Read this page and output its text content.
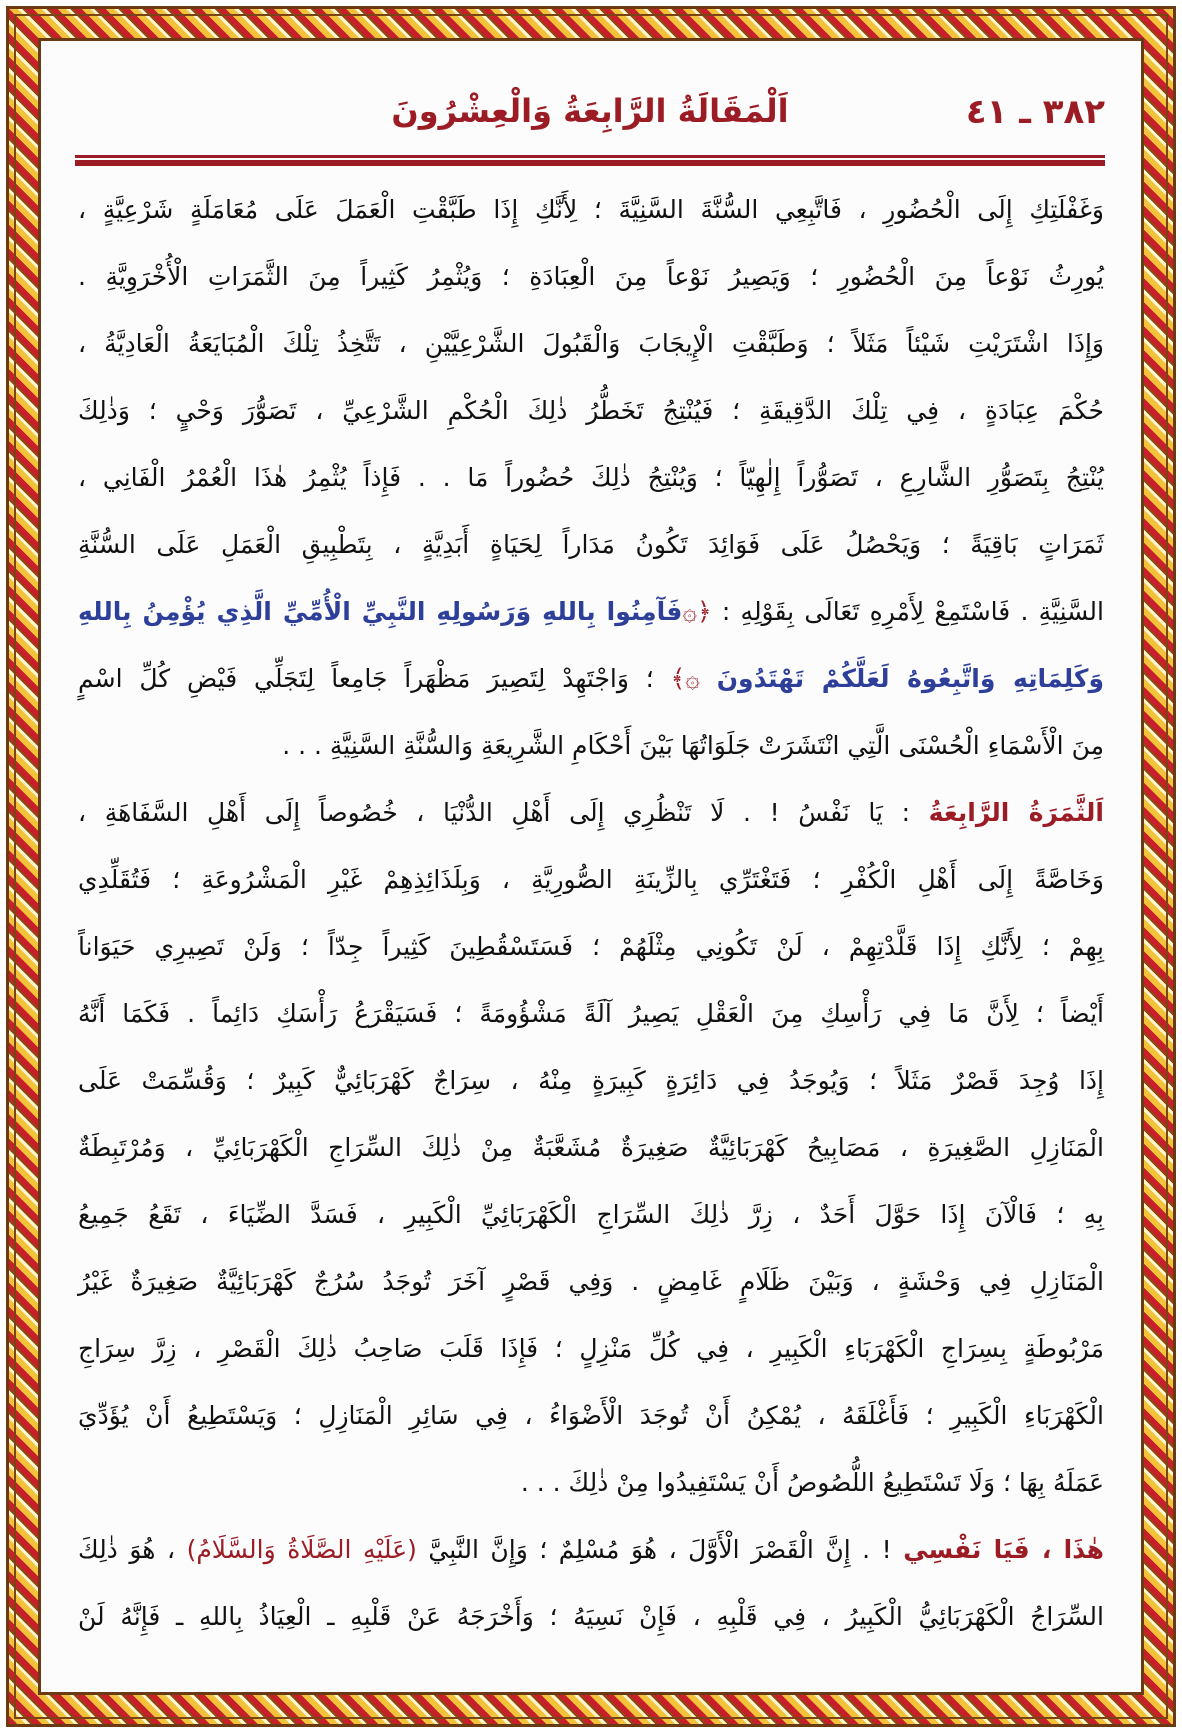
٣٨٢ ـ ٤١
اَلْمَقَالَةُ الرَّابِعَةُ وَالْعِشْرُونَ
وَغَفْلَتِكِ إِلَى الْحُضُورِ ، فَاتَّبِعِي السُّنَّةَ السَّنِيَّةَ ؛ لِأَنَّكِ إِذَا طَبَّقْتِ الْعَمَلَ عَلَى مُعَامَلَةٍ شَرْعِيَّةٍ ،
يُورِثُ نَوْعاً مِنَ الْحُضُورِ ؛ وَيَصِيرُ نَوْعاً مِنَ الْعِبَادَةِ ؛ وَيُثْمِرُ كَثِيراً مِنَ الثَّمَرَاتِ الْأُخْرَوِيَّةِ .
وَإِذَا اشْتَرَيْتِ شَيْئاً مَثَلاً ؛ وَطَبَّقْتِ الْإِيجَابَ وَالْقَبُولَ الشَّرْعِيَّيْنِ ، تَتَّخِذُ تِلْكَ الْمُبَايَعَةُ الْعَادِيَّةُ ،
حُكْمَ عِبَادَةٍ ، فِي تِلْكَ الدَّقِيقَةِ ؛ فَيُنْتِجُ تَخَطُّرُ ذٰلِكَ الْحُكْمِ الشَّرْعِيِّ ، تَصَوُّرَ وَحْيٍ ؛ وَذٰلِكَ
يُنْتِجُ بِتَصَوُّرِ الشَّارِعِ ، تَصَوُّراً إِلٰهِيّاً ؛ وَيُنْتِجُ ذٰلِكَ حُضُوراً مَا . . فَإِذاً يُثْمِرُ هٰذَا الْعُمْرُ الْفَانِي ،
ثَمَرَاتٍ بَاقِيَةً ؛ وَيَحْصُلُ عَلَى فَوَائِدَ تَكُونُ مَدَاراً لِحَيَاةٍ أَبَدِيَّةٍ ، بِتَطْبِيقِ الْعَمَلِ عَلَى السُّنَّةِ
السَّنِيَّةِ . فَاسْتَمِعْ لِأَمْرِهِ تَعَالَى بِقَوْلِهِ : ﴿۞فَآمِنُوا بِاللهِ وَرَسُولِهِ النَّبِيِّ الْأُمِّيِّ الَّذِي يُؤْمِنُ بِاللهِ
وَكَلِمَاتِهِ وَاتَّبِعُوهُ لَعَلَّكُمْ تَهْتَدُونَ ۞﴾ ؛ وَاجْتَهِدْ لِتَصِيرَ مَظْهَراً جَامِعاً لِتَجَلِّي فَيْضِ كُلِّ اسْمٍ
مِنَ الْأَسْمَاءِ الْحُسْنَى الَّتِي انْتَشَرَتْ جَلَوَاتُهَا بَيْنَ أَحْكَامِ الشَّرِيعَةِ وَالسُّنَّةِ السَّنِيَّةِ . . .
اَلثَّمَرَةُ الرَّابِعَةُ : يَا نَفْسُ ! . لَا تَنْظُرِي إِلَى أَهْلِ الدُّنْيَا ، خُصُوصاً إِلَى أَهْلِ السَّفَاهَةِ ،
وَخَاصَّةً إِلَى أَهْلِ الْكُفْرِ ؛ فَتَغْتَرِّي بِالزِّينَةِ الصُّورِيَّةِ ، وَبِلَذَائِذِهِمْ غَيْرِ الْمَشْرُوعَةِ ؛ فَتُقَلِّدِي
بِهِمْ ؛ لِأَنَّكِ إِذَا قَلَّدْتِهِمْ ، لَنْ تَكُونِي مِثْلَهُمْ ؛ فَسَتَسْقُطِينَ كَثِيراً جِدّاً ؛ وَلَنْ تَصِيرِي حَيَوَاناً
أَيْضاً ؛ لِأَنَّ مَا فِي رَأْسِكِ مِنَ الْعَقْلِ يَصِيرُ آلَةً مَشْؤُومَةً ؛ فَسَيَقْرَعُ رَأْسَكِ دَائِماً . فَكَمَا أَنَّهُ
إِذَا وُجِدَ قَصْرٌ مَثَلاً ؛ وَيُوجَدُ فِي دَائِرَةٍ كَبِيرَةٍ مِنْهُ ، سِرَاجٌ كَهْرَبَائِيٌّ كَبِيرٌ ؛ وَقُسِّمَتْ عَلَى
الْمَنَازِلِ الصَّغِيرَةِ ، مَصَابِيحُ كَهْرَبَائِيَّةٌ صَغِيرَةٌ مُشَعَّبَةٌ مِنْ ذٰلِكَ السِّرَاجِ الْكَهْرَبَائِيِّ ، وَمُرْتَبِطَةٌ
بِهِ ؛ فَالْآنَ إِذَا حَوَّلَ أَحَدٌ ، زِرَّ ذٰلِكَ السِّرَاجِ الْكَهْرَبَائِيِّ الْكَبِيرِ ، فَسَدَّ الضِّيَاءَ ، تَقَعُ جَمِيعُ
الْمَنَازِلِ فِي وَحْشَةٍ ، وَبَيْنَ ظَلَامٍ غَامِضٍ . وَفِي قَصْرٍ آخَرَ تُوجَدُ سُرُجٌ كَهْرَبَائِيَّةٌ صَغِيرَةٌ غَيْرُ
مَرْبُوطَةٍ بِسِرَاجِ الْكَهْرَبَاءِ الْكَبِيرِ ، فِي كُلِّ مَنْزِلٍ ؛ فَإِذَا قَلَبَ صَاحِبُ ذٰلِكَ الْقَصْرِ ، زِرَّ سِرَاجِ
الْكَهْرَبَاءِ الْكَبِيرِ ؛ فَأَغْلَقَهُ ، يُمْكِنُ أَنْ تُوجَدَ الْأَضْوَاءُ ، فِي سَائِرِ الْمَنَازِلِ ؛ وَيَسْتَطِيعُ أَنْ يُؤَدِّيَ
عَمَلَهُ بِهَا ؛ وَلَا تَسْتَطِيعُ اللُّصُوصُ أَنْ يَسْتَفِيدُوا مِنْ ذٰلِكَ . . .
هٰذَا ، فَيَا نَفْسِي ! . إِنَّ الْقَصْرَ الْأَوَّلَ ، هُوَ مُسْلِمٌ ؛ وَإِنَّ النَّبِيَّ (عَلَيْهِ الصَّلَاةُ وَالسَّلَامُ) ، هُوَ ذٰلِكَ
السِّرَاجُ الْكَهْرَبَائِيُّ الْكَبِيرُ ، فِي قَلْبِهِ ، فَإِنْ نَسِيَهُ ؛ وَأَخْرَجَهُ عَنْ قَلْبِهِ ـ الْعِيَاذُ بِاللهِ ـ فَإِنَّهُ لَنْ
